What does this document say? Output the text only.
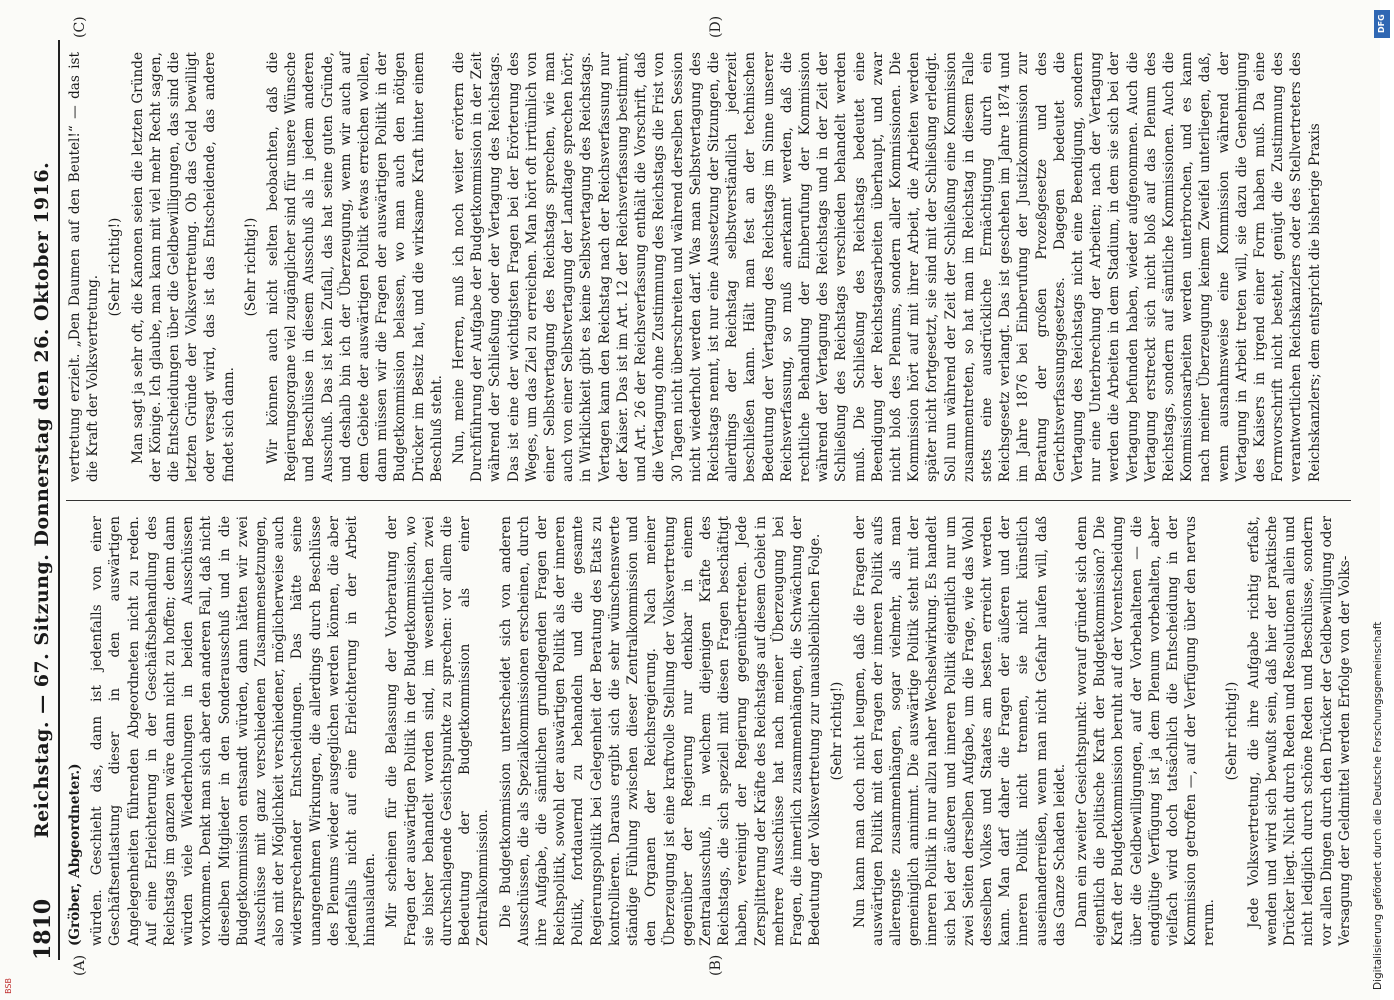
1810
Reichstag. — 67. Sitzung. Donnerstag den 26. Oktober 1916.
(A)	(B)
(C)	(D)

(Gröber, Abgeordneter.) würden. Geschieht das, dann ist jedenfalls von einer Geschäftsentlastung dieser in den auswärtigen Angelegenheiten führenden Abgeordneten nicht zu reden. Auf eine Erleichterung in der Geschäftsbehandlung des Reichstags im ganzen wäre dann nicht zu hoffen; denn dann würden viele Wiederholungen in beiden Ausschüssen vorkommen. Denkt man sich aber den anderen Fall, daß nicht dieselben Mitglieder in den Sonderausschuß und in die Budgetkommission entsandt würden, dann hätten wir zwei Ausschüsse mit ganz verschiedenen Zusammensetzungen, also mit der Möglichkeit verschiedener, möglicherweise auch widersprechender Entscheidungen. Das hätte seine unangenehmen Wirkungen, die allerdings durch Beschlüsse des Plenums wieder ausgeglichen werden können, die aber jedenfalls nicht auf eine Erleichterung in der Arbeit hinauslaufen. Mir scheinen für die Belassung der Vorberatung der Fragen der auswärtigen Politik in der Budgetkommission, wo sie bisher behandelt worden sind, im wesentlichen zwei durchschlagende Gesichtspunkte zu sprechen: vor allem die Bedeutung der Budgetkommission als einer Zentralkommission. Die Budgetkommission unterscheidet sich von anderen Ausschüssen, die als Spezialkommissionen erscheinen, durch ihre Aufgabe, die sämtlichen grundlegenden Fragen der Reichspolitik, sowohl der auswärtigen Politik als der inneren Politik, fortdauernd zu behandeln und die gesamte Regierungspolitik bei Gelegenheit der Beratung des Etats zu kontrollieren. Daraus ergibt sich die sehr wünschenswerte ständige Fühlung zwischen dieser Zentralkommission und den Organen der Reichsregierung. Nach meiner Überzeugung ist eine kraftvolle Stellung der Volksvertretung gegenüber der Regierung nur denkbar in einem Zentralausschuß, in welchem diejenigen Kräfte des Reichstags, die sich speziell mit diesen Fragen beschäftigt haben, vereinigt der Regierung gegenübertreten. Jede Zersplitterung der Kräfte des Reichstags auf diesem Gebiet in mehrere Ausschüsse hat nach meiner Überzeugung bei Fragen, die innerlich zusammenhängen, die Schwächung der Bedeutung der Volksvertretung zur unausbleiblichen Folge. (Sehr richtig!) Nun kann man doch nicht leugnen, daß die Fragen der auswärtigen Politik mit den Fragen der inneren Politik aufs allerengste zusammenhängen, sogar vielmehr, als man gemeiniglich annimmt. Die auswärtige Politik steht mit der inneren Politik in nur allzu naher Wechselwirkung. Es handelt sich bei der äußeren und inneren Politik eigentlich nur um zwei Seiten derselben Aufgabe, um die Frage, wie das Wohl desselben Volkes und Staates am besten erreicht werden kann. Man darf daher die Fragen der äußeren und der inneren Politik nicht trennen, sie nicht künstlich auseinanderreißen, wenn man nicht Gefahr laufen will, daß das Ganze Schaden leidet. Dann ein zweiter Gesichtspunkt: worauf gründet sich denn eigentlich die politische Kraft der Budgetkommission? Die Kraft der Budgetkommission beruht auf der Vorentscheidung über die Geldbewilligungen, auf der Vorbehaltenen — die endgültige Verfügung ist ja dem Plenum vorbehalten, aber vielfach wird doch tatsächlich die Entscheidung in der Kommission getroffen —, auf der Verfügung über den nervus rerum.

(Sehr richtig!) Jede Volksvertretung, die ihre Aufgabe richtig erfaßt, wenden und wird sich bewußt sein, daß hier der praktische Drücker liegt. Nicht durch Reden und Resolutionen allein und nicht lediglich durch schöne Reden und Beschlüsse, sondern vor allen Dingen durch den Drücker der Geldbewilligung oder Versagung der Geldmittel werden Erfolge von der Volks-

vertretung erzielt. „Den Daumen auf den Beutel!“ — das ist die Kraft der Volksvertretung.

(Sehr richtig!) Man sagt ja sehr oft, die Kanonen seien die letzten Gründe der Könige. Ich glaube, man kann mit viel mehr Recht sagen, die Entscheidungen über die Geldbewilligungen, das sind die letzten Gründe der Volksvertretung. Ob das Geld bewilligt oder versagt wird, das ist das Entscheidende, das andere findet sich dann.

(Sehr richtig!) Wir können auch nicht selten beobachten, daß die Regierungsorgane viel zugänglicher sind für unsere Wünsche und Beschlüsse in diesem Ausschuß als in jedem anderen Ausschuß. Das ist kein Zufall, das hat seine guten Gründe, und deshalb bin ich der Überzeugung, wenn wir auch auf dem Gebiete der auswärtigen Politik etwas erreichen wollen, dann müssen wir die Fragen der auswärtigen Politik in der Budgetkommission belassen, wo man auch den nötigen Drücker im Besitz hat, und die wirksame Kraft hinter einem Beschluß steht. Nun, meine Herren, muß ich noch weiter erörtern die Durchführung der Aufgabe der Budgetkommission in der Zeit während der Schließung oder der Vertagung des Reichstags. Das ist eine der wichtigsten Fragen bei der Erörterung des Weges, um das Ziel zu erreichen. Man hört oft irrtümlich von einer Selbstvertagung des Reichstags sprechen, wie man auch von einer Selbstvertagung der Landtage sprechen hört; in Wirklichkeit gibt es keine Selbstvertagung des Reichstags. Vertagen kann den Reichstag nach der Reichsverfassung nur der Kaiser. Das ist im Art. 12 der Reichsverfassung bestimmt, und Art. 26 der Reichsverfassung enthält die Vorschrift, daß die Vertagung ohne Zustimmung des Reichstags die Frist von 30 Tagen nicht überschreiten und während derselben Session nicht wiederholt werden darf. Was man Selbstvertagung des Reichstags nennt, ist nur eine Aussetzung der Sitzungen, die allerdings der Reichstag selbstverständlich jederzeit beschließen kann. Hält man fest an der technischen Bedeutung der Vertagung des Reichstags im Sinne unserer Reichsverfassung, so muß anerkannt werden, daß die rechtliche Behandlung der Einberufung der Kommission während der Vertagung des Reichstags und in der Zeit der Schließung des Reichstags verschieden behandelt werden muß. Die Schließung des Reichstags bedeutet eine Beendigung der Reichstagsarbeiten überhaupt, und zwar nicht bloß des Plenums, sondern aller Kommissionen. Die Kommission hört auf mit ihrer Arbeit, die Arbeiten werden später nicht fortgesetzt, sie sind mit der Schließung erledigt. Soll nun während der Zeit der Schließung eine Kommission zusammentreten, so hat man im Reichstag in diesem Falle stets eine ausdrückliche Ermächtigung durch ein Reichsgesetz verlangt. Das ist geschehen im Jahre 1874 und im Jahre 1876 bei Einberufung der Justizkommission zur Beratung der großen Prozeßgesetze und des Gerichtsverfassungsgesetzes. Dagegen bedeutet die Vertagung des Reichstags nicht eine Beendigung, sondern nur eine Unterbrechung der Arbeiten; nach der Vertagung werden die Arbeiten in dem Stadium, in dem sie sich bei der Vertagung befunden haben, wieder aufgenommen. Auch die Vertagung erstreckt sich nicht bloß auf das Plenum des Reichstags, sondern auf sämtliche Kommissionen. Auch die Kommissionsarbeiten werden unterbrochen, und es kann nach meiner Überzeugung keinem Zweifel unterliegen, daß, wenn ausnahmsweise eine Kommission während der Vertagung in Arbeit treten will, sie dazu die Genehmigung des Kaisers in irgend einer Form haben muß. Da eine Formvorschrift nicht besteht, genügt die Zustimmung des verantwortlichen Reichskanzlers oder des Stellvertreters des Reichskanzlers; dem entspricht die bisherige Praxis

DFG
Digitalisierung gefördert durch die Deutsche Forschungsgemeinschaft
BSB
